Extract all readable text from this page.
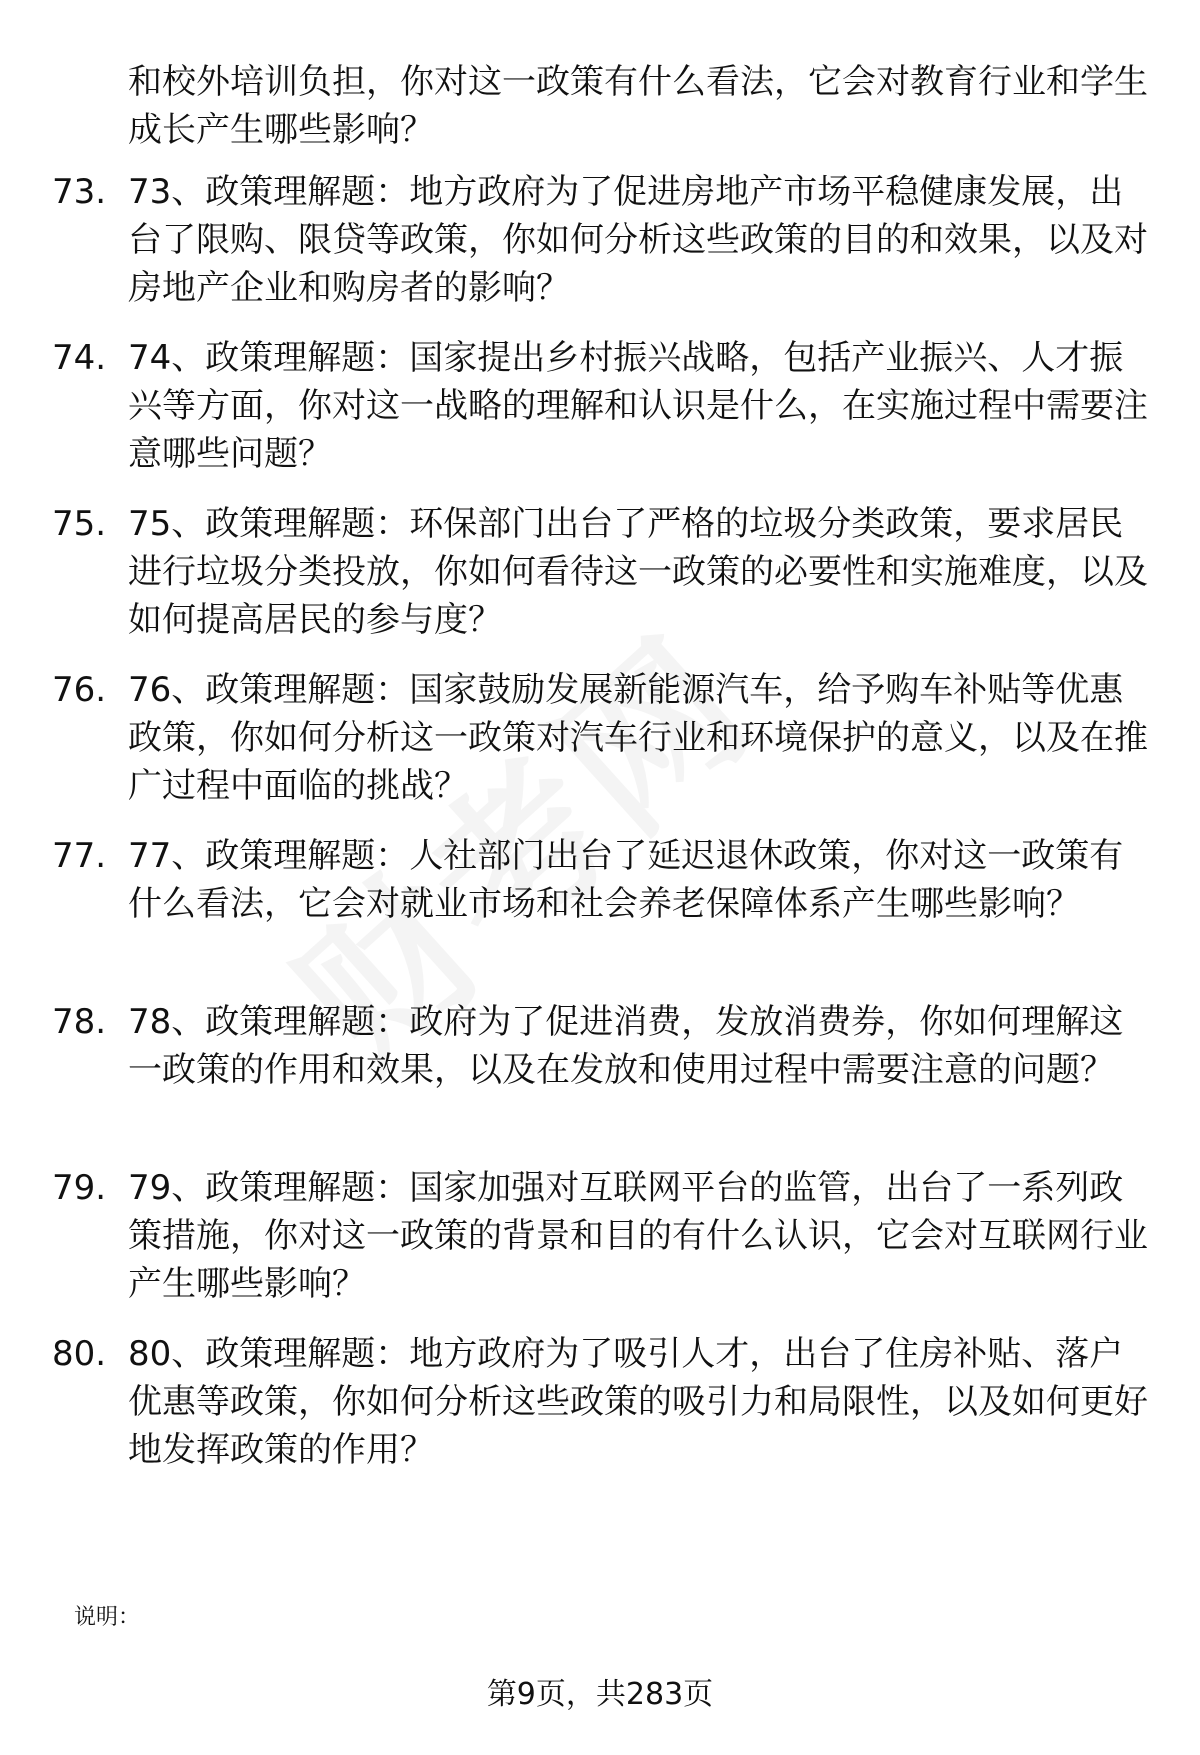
和校外培训负担，你对这一政策有什么看法，它会对教育行业和学生成长产生哪些影响？
73. 73、政策理解题：地方政府为了促进房地产市场平稳健康发展，出台了限购、限贷等政策，你如何分析这些政策的目的和效果，以及对房地产企业和购房者的影响？
74. 74、政策理解题：国家提出乡村振兴战略，包括产业振兴、人才振兴等方面，你对这一战略的理解和认识是什么，在实施过程中需要注意哪些问题？
75. 75、政策理解题：环保部门出台了严格的垃圾分类政策，要求居民进行垃圾分类投放，你如何看待这一政策的必要性和实施难度，以及如何提高居民的参与度？
76. 76、政策理解题：国家鼓励发展新能源汽车，给予购车补贴等优惠政策，你如何分析这一政策对汽车行业和环境保护的意义，以及在推广过程中面临的挑战？
77. 77、政策理解题：人社部门出台了延迟退休政策，你对这一政策有什么看法，它会对就业市场和社会养老保障体系产生哪些影响？
78. 78、政策理解题：政府为了促进消费，发放消费券，你如何理解这一政策的作用和效果，以及在发放和使用过程中需要注意的问题？
79. 79、政策理解题：国家加强对互联网平台的监管，出台了一系列政策措施，你对这一政策的背景和目的有什么认识，它会对互联网行业产生哪些影响？
80. 80、政策理解题：地方政府为了吸引人才，出台了住房补贴、落户优惠等政策，你如何分析这些政策的吸引力和局限性，以及如何更好地发挥政策的作用？
说明：
第9页，共283页
